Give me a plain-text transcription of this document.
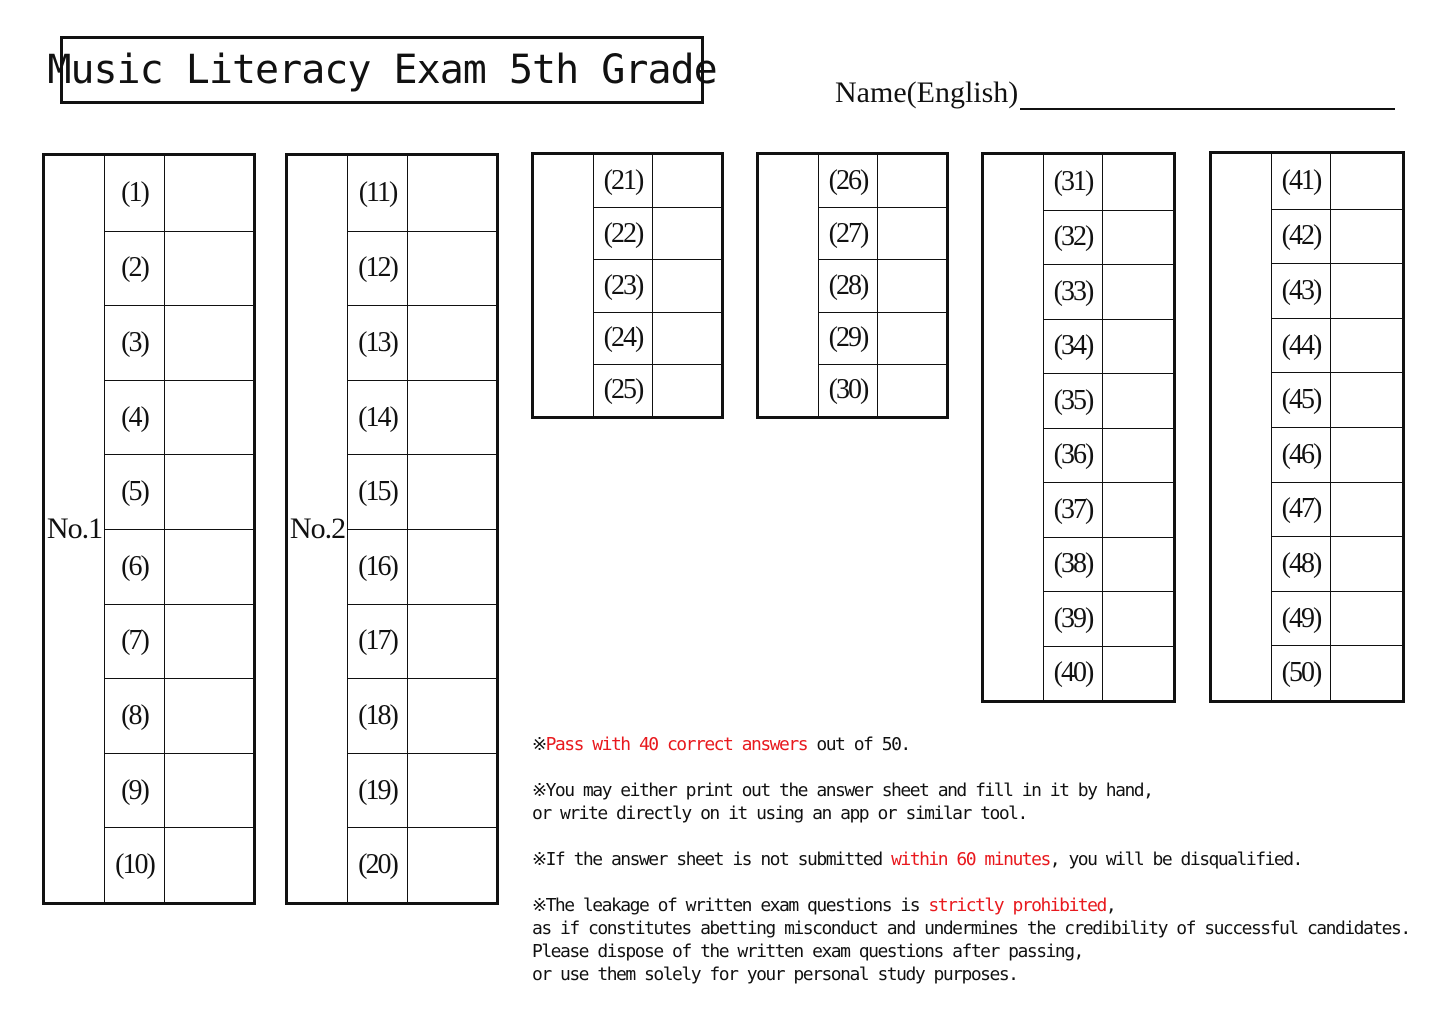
Music Literacy Exam 5th Grade	Name(English)
No.1
(1)
(2)
(3)
(4)
(5)
(6)
(7)
(8)
(9)
(10)
No.2
(11)
(12)
(13)
(14)
(15)
(16)
(17)
(18)
(19)
(20)
(21)
(22)
(23)
(24)
(25)
(26)
(27)
(28)
(29)
(30)
(31)
(32)
(33)
(34)
(35)
(36)
(37)
(38)
(39)
(40)
(41)
(42)
(43)
(44)
(45)
(46)
(47)
(48)
(49)
(50)
※Pass with 40 correct answers out of 50.
※You may either print out the answer sheet and fill in it by hand,
or write directly on it using an app or similar tool.
※If the answer sheet is not submitted within 60 minutes, you will be disqualified.
※The leakage of written exam questions is strictly prohibited,
as if constitutes abetting misconduct and undermines the credibility of successful candidates.
Please dispose of the written exam questions after passing,
or use them solely for your personal study purposes.
